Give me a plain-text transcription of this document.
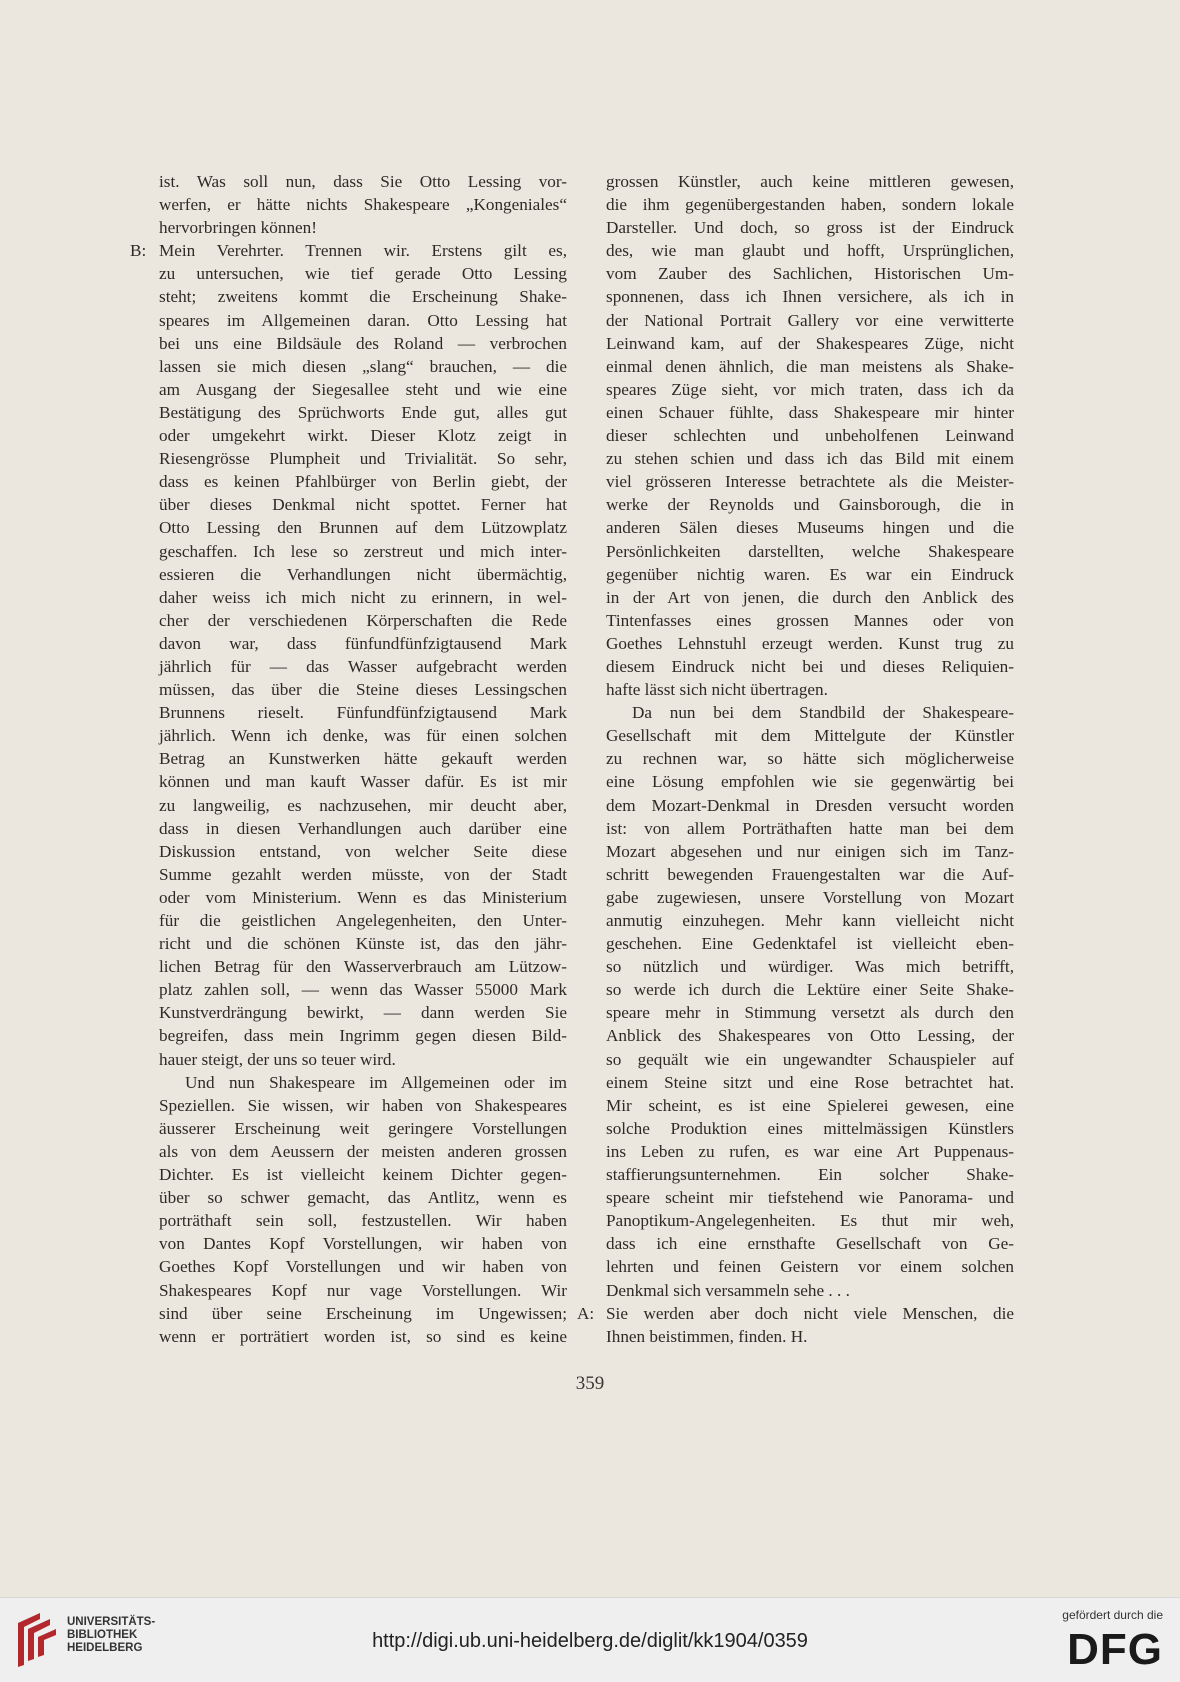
ist. Was soll nun, dass Sie Otto Lessing vor-
werfen, er hätte nichts Shakespeare „Kongeniales“
hervorbringen können!
B: Mein Verehrter. Trennen wir. Erstens gilt es,
zu untersuchen, wie tief gerade Otto Lessing
steht; zweitens kommt die Erscheinung Shake-
speares im Allgemeinen daran. Otto Lessing hat
bei uns eine Bildsäule des Roland — verbrochen
lassen sie mich diesen „slang“ brauchen, — die
am Ausgang der Siegesallee steht und wie eine
Bestätigung des Sprüchworts Ende gut, alles gut
oder umgekehrt wirkt. Dieser Klotz zeigt in
Riesengrösse Plumpheit und Trivialität. So sehr,
dass es keinen Pfahlbürger von Berlin giebt, der
über dieses Denkmal nicht spottet. Ferner hat
Otto Lessing den Brunnen auf dem Lützowplatz
geschaffen. Ich lese so zerstreut und mich inter-
essieren die Verhandlungen nicht übermächtig,
daher weiss ich mich nicht zu erinnern, in wel-
cher der verschiedenen Körperschaften die Rede
davon war, dass fünfundfünfzigtausend Mark
jährlich für — das Wasser aufgebracht werden
müssen, das über die Steine dieses Lessingschen
Brunnens rieselt. Fünfundfünfzigtausend Mark
jährlich. Wenn ich denke, was für einen solchen
Betrag an Kunstwerken hätte gekauft werden
können und man kauft Wasser dafür. Es ist mir
zu langweilig, es nachzusehen, mir deucht aber,
dass in diesen Verhandlungen auch darüber eine
Diskussion entstand, von welcher Seite diese
Summe gezahlt werden müsste, von der Stadt
oder vom Ministerium. Wenn es das Ministerium
für die geistlichen Angelegenheiten, den Unter-
richt und die schönen Künste ist, das den jähr-
lichen Betrag für den Wasserverbrauch am Lützow-
platz zahlen soll, — wenn das Wasser 55000 Mark
Kunstverdrängung bewirkt, — dann werden Sie
begreifen, dass mein Ingrimm gegen diesen Bild-
hauer steigt, der uns so teuer wird.
Und nun Shakespeare im Allgemeinen oder im
Speziellen. Sie wissen, wir haben von Shakespeares
äusserer Erscheinung weit geringere Vorstellungen
als von dem Aeussern der meisten anderen grossen
Dichter. Es ist vielleicht keinem Dichter gegen-
über so schwer gemacht, das Antlitz, wenn es
porträthaft sein soll, festzustellen. Wir haben
von Dantes Kopf Vorstellungen, wir haben von
Goethes Kopf Vorstellungen und wir haben von
Shakespeares Kopf nur vage Vorstellungen. Wir
sind über seine Erscheinung im Ungewissen;
wenn er porträtiert worden ist, so sind es keine
grossen Künstler, auch keine mittleren gewesen,
die ihm gegenübergestanden haben, sondern lokale
Darsteller. Und doch, so gross ist der Eindruck
des, wie man glaubt und hofft, Ursprünglichen,
vom Zauber des Sachlichen, Historischen Um-
sponnenen, dass ich Ihnen versichere, als ich in
der National Portrait Gallery vor eine verwitterte
Leinwand kam, auf der Shakespeares Züge, nicht
einmal denen ähnlich, die man meistens als Shake-
speares Züge sieht, vor mich traten, dass ich da
einen Schauer fühlte, dass Shakespeare mir hinter
dieser schlechten und unbeholfenen Leinwand
zu stehen schien und dass ich das Bild mit einem
viel grösseren Interesse betrachtete als die Meister-
werke der Reynolds und Gainsborough, die in
anderen Sälen dieses Museums hingen und die
Persönlichkeiten darstellten, welche Shakespeare
gegenüber nichtig waren. Es war ein Eindruck
in der Art von jenen, die durch den Anblick des
Tintenfasses eines grossen Mannes oder von
Goethes Lehnstuhl erzeugt werden. Kunst trug zu
diesem Eindruck nicht bei und dieses Reliquien-
hafte lässt sich nicht übertragen.
Da nun bei dem Standbild der Shakespeare-
Gesellschaft mit dem Mittelgute der Künstler
zu rechnen war, so hätte sich möglicherweise
eine Lösung empfohlen wie sie gegenwärtig bei
dem Mozart-Denkmal in Dresden versucht worden
ist: von allem Porträthaften hatte man bei dem
Mozart abgesehen und nur einigen sich im Tanz-
schritt bewegenden Frauengestalten war die Auf-
gabe zugewiesen, unsere Vorstellung von Mozart
anmutig einzuhegen. Mehr kann vielleicht nicht
geschehen. Eine Gedenktafel ist vielleicht eben-
so nützlich und würdiger. Was mich betrifft,
so werde ich durch die Lektüre einer Seite Shake-
speare mehr in Stimmung versetzt als durch den
Anblick des Shakespeares von Otto Lessing, der
so gequält wie ein ungewandter Schauspieler auf
einem Steine sitzt und eine Rose betrachtet hat.
Mir scheint, es ist eine Spielerei gewesen, eine
solche Produktion eines mittelmässigen Künstlers
ins Leben zu rufen, es war eine Art Puppenaus-
staffierungsunternehmen. Ein solcher Shake-
speare scheint mir tiefstehend wie Panorama- und
Panoptikum-Angelegenheiten. Es thut mir weh,
dass ich eine ernsthafte Gesellschaft von Ge-
lehrten und feinen Geistern vor einem solchen
Denkmal sich versammeln sehe . . .
A: Sie werden aber doch nicht viele Menschen, die
Ihnen beistimmen, finden. H.
359
UNIVERSITÄTS-
BIBLIOTHEK
HEIDELBERG	http://digi.ub.uni-heidelberg.de/diglit/kk1904/0359
gefördert durch die
DFG
